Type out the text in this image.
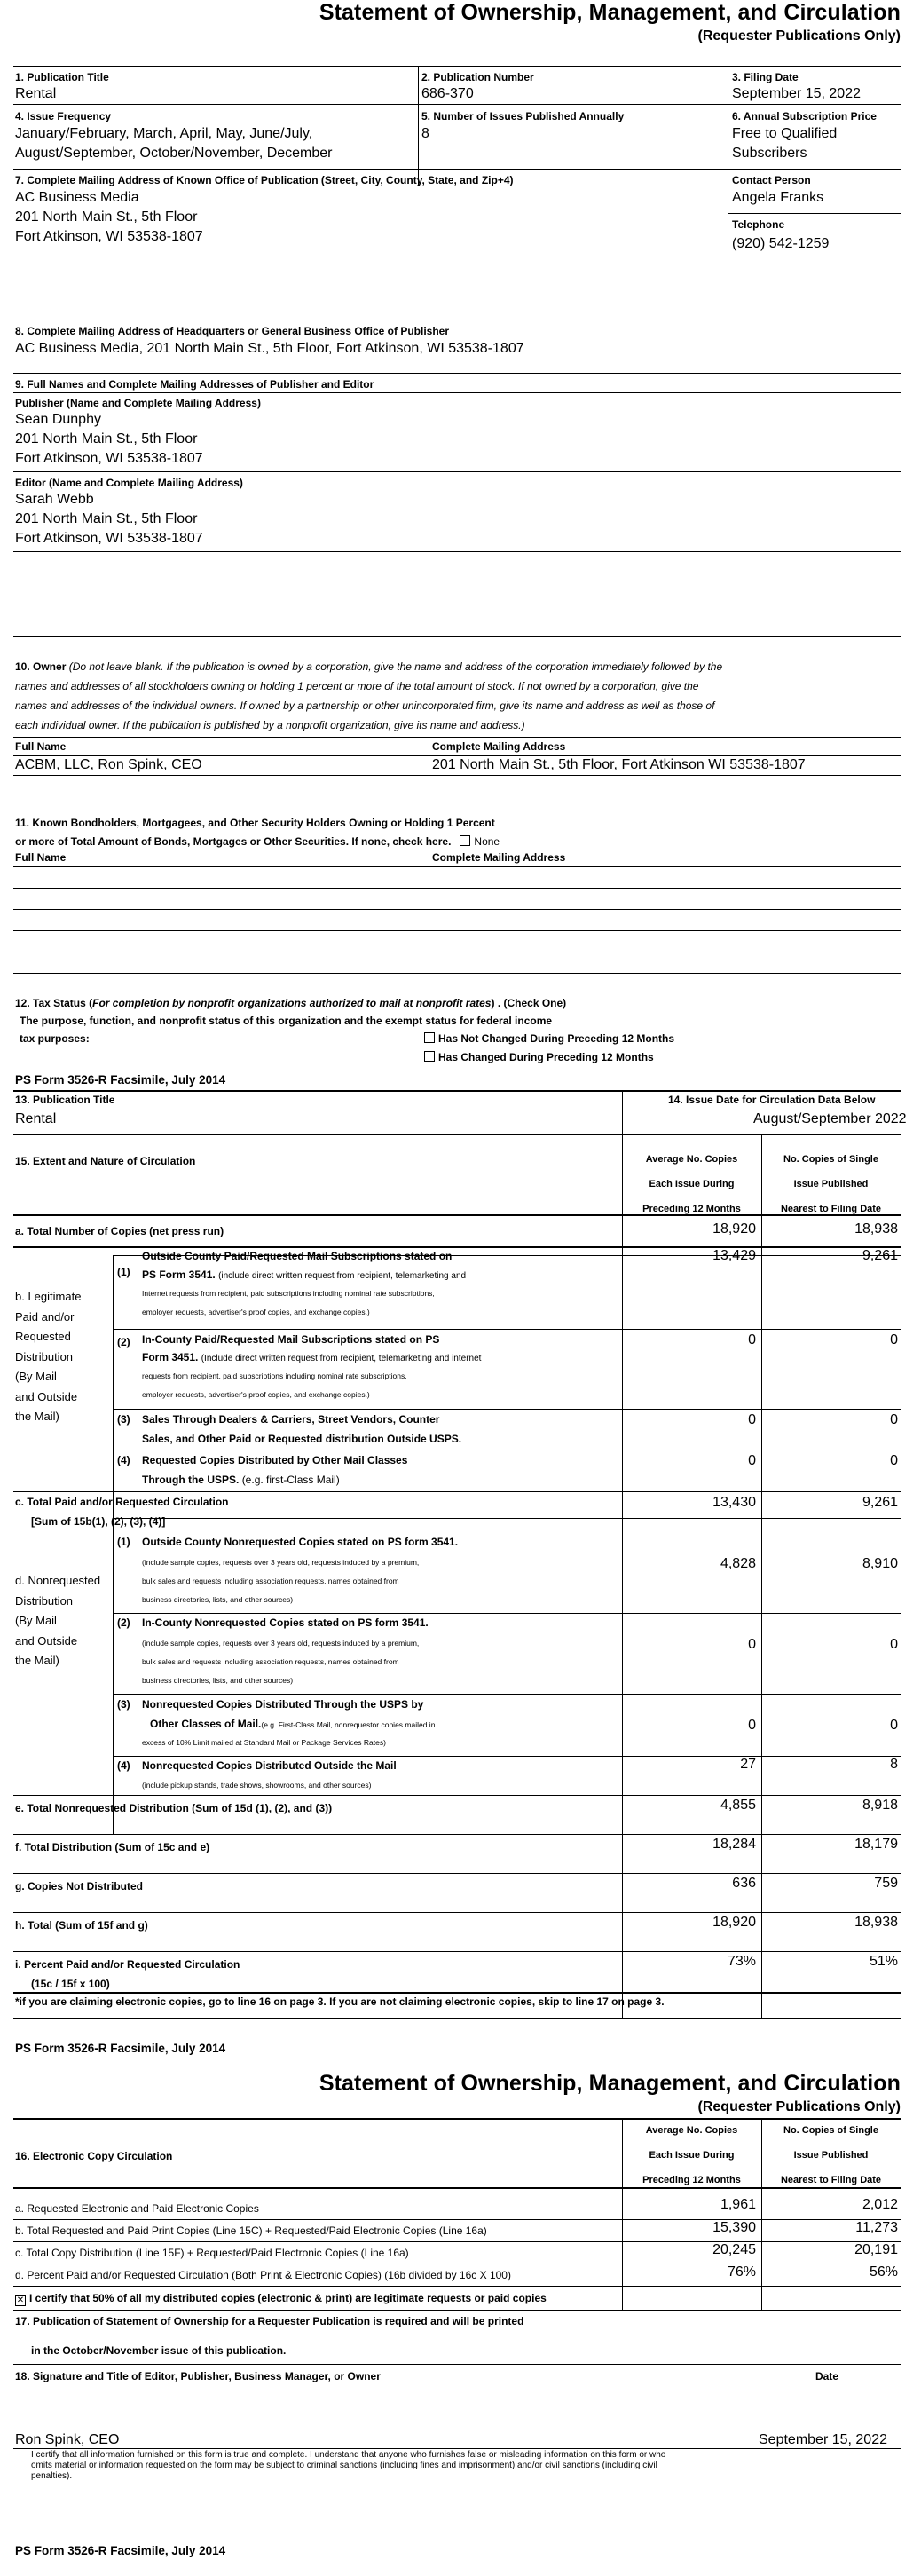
Statement of Ownership, Management, and Circulation
(Requester Publications Only)
1. Publication Title
Rental
2. Publication Number
686-370
3. Filing Date
September 15, 2022
4. Issue Frequency
January/February, March, April, May, June/July,
August/September, October/November, December
5. Number of Issues Published Annually
8
6. Annual Subscription Price
Free to Qualified
Subscribers
7. Complete Mailing Address of Known Office of Publication (Street, City, County, State, and Zip+4)
AC Business Media
201 North Main St., 5th Floor
Fort Atkinson, WI 53538-1807
Contact Person
Angela Franks
Telephone
(920) 542-1259
8. Complete Mailing Address of Headquarters or General Business Office of Publisher
AC Business Media, 201 North Main St., 5th Floor, Fort Atkinson, WI 53538-1807
9. Full Names and Complete Mailing Addresses of Publisher and Editor
Publisher (Name and Complete Mailing Address)
Sean Dunphy
201 North Main St., 5th Floor
Fort Atkinson, WI 53538-1807
Editor (Name and Complete Mailing Address)
Sarah Webb
201 North Main St., 5th Floor
Fort Atkinson, WI 53538-1807
10. Owner (Do not leave blank. If the publication is owned by a corporation, give the name and address of the corporation immediately followed by the
names and addresses of all stockholders owning or holding 1 percent or more of the total amount of stock. If not owned by a corporation, give the
names and addresses of the individual owners. If owned by a partnership or other unincorporated firm, give its name and address as well as those of
each individual owner. If the publication is published by a nonprofit organization, give its name and address.)
Full Name	Complete Mailing Address
ACBM, LLC, Ron Spink, CEO	201 North Main St., 5th Floor, Fort Atkinson WI 53538-1807
11. Known Bondholders, Mortgagees, and Other Security Holders Owning or Holding 1 Percent
or more of Total Amount of Bonds, Mortgages or Other Securities. If none, check here. None
Full Name	Complete Mailing Address
12. Tax Status (For completion by nonprofit organizations authorized to mail at nonprofit rates) . (Check One)
The purpose, function, and nonprofit status of this organization and the exempt status for federal income
tax purposes:	Has Not Changed During Preceding 12 Months
Has Changed During Preceding 12 Months
PS Form 3526-R Facsimile, July 2014
13. Publication Title
Rental
14. Issue Date for Circulation Data Below
August/September 2022
15. Extent and Nature of Circulation	Average No. Copies
Each Issue During
Preceding 12 Months
No. Copies of Single
Issue Published
Nearest to Filing Date
a. Total Number of Copies (net press run)	18,920	18,938
b. Legitimate
Paid and/or
Requested
Distribution
(By Mail
and Outside
the Mail)
(1)
Outside County Paid/Requested Mail Subscriptions stated on
PS Form 3541. (include direct written request from recipient, telemarketing and
Internet requests from recipient, paid subscriptions including nominal rate subscriptions,
employer requests, advertiser's proof copies, and exchange copies.)
13,429	9,261
(2) In-County Paid/Requested Mail Subscriptions stated on PS
Form 3451. (Include direct written request from recipient, telemarketing and internet
requests from recipient, paid subscriptions including nominal rate subscriptions,
employer requests, advertiser's proof copies, and exchange copies.)
0	0
(3) Sales Through Dealers & Carriers, Street Vendors, Counter
Sales, and Other Paid or Requested distribution Outside USPS.
0	0
(4) Requested Copies Distributed by Other Mail Classes
Through the USPS. (e.g. first-Class Mail)
0	0
c. Total Paid and/or Requested Circulation
[Sum of 15b(1), (2), (3), (4)]
13,430	9,261
d. Nonrequested
Distribution
(By Mail
and Outside
the Mail)
(1) Outside County Nonrequested Copies stated on PS form 3541.
(include sample copies, requests over 3 years old, requests induced by a premium,
bulk sales and requests including association requests, names obtained from
business directories, lists, and other sources)
4,828	8,910
(2) In-County Nonrequested Copies stated on PS form 3541.
(include sample copies, requests over 3 years old, requests induced by a premium,
bulk sales and requests including association requests, names obtained from
business directories, lists, and other sources)
0	0
(3) Nonrequested Copies Distributed Through the USPS by
Other Classes of Mail.(e.g. First-Class Mail, nonrequestor copies mailed in
excess of 10% Limit mailed at Standard Mail or Package Services Rates)
0	0
(4) Nonrequested Copies Distributed Outside the Mail
(include pickup stands, trade shows, showrooms, and other sources)
27	8
e. Total Nonrequested Distribution (Sum of 15d (1), (2), and (3))	4,855	8,918
f. Total Distribution (Sum of 15c and e)	18,284	18,179
g. Copies Not Distributed	636	759
h. Total (Sum of 15f and g)	18,920	18,938
i. Percent Paid and/or Requested Circulation
(15c / 15f x 100)
73%	51%
*if you are claiming electronic copies, go to line 16 on page 3. If you are not claiming electronic copies, skip to line 17 on page 3.
PS Form 3526-R Facsimile, July 2014
Statement of Ownership, Management, and Circulation
(Requester Publications Only)
16. Electronic Copy Circulation
Average No. Copies
Each Issue During
Preceding 12 Months
No. Copies of Single
Issue Published
Nearest to Filing Date
a. Requested Electronic and Paid Electronic Copies	1,961	2,012
b. Total Requested and Paid Print Copies (Line 15C) + Requested/Paid Electronic Copies (Line 16a)	15,390	11,273
c. Total Copy Distribution (Line 15F) + Requested/Paid Electronic Copies (Line 16a)	20,245	20,191
d. Percent Paid and/or Requested Circulation (Both Print & Electronic Copies) (16b divided by 16c X 100)	76%	56%
✕ I certify that 50% of all my distributed copies (electronic & print) are legitimate requests or paid copies
17. Publication of Statement of Ownership for a Requester Publication is required and will be printed
in the October/November issue of this publication.
18. Signature and Title of Editor, Publisher, Business Manager, or Owner	Date
Ron Spink, CEO	September 15, 2022
I certify that all information furnished on this form is true and complete. I understand that anyone who furnishes false or misleading information on this form or who
omits material or information requested on the form may be subject to criminal sanctions (including fines and imprisonment) and/or civil sanctions (including civil
penalties).
PS Form 3526-R Facsimile, July 2014
